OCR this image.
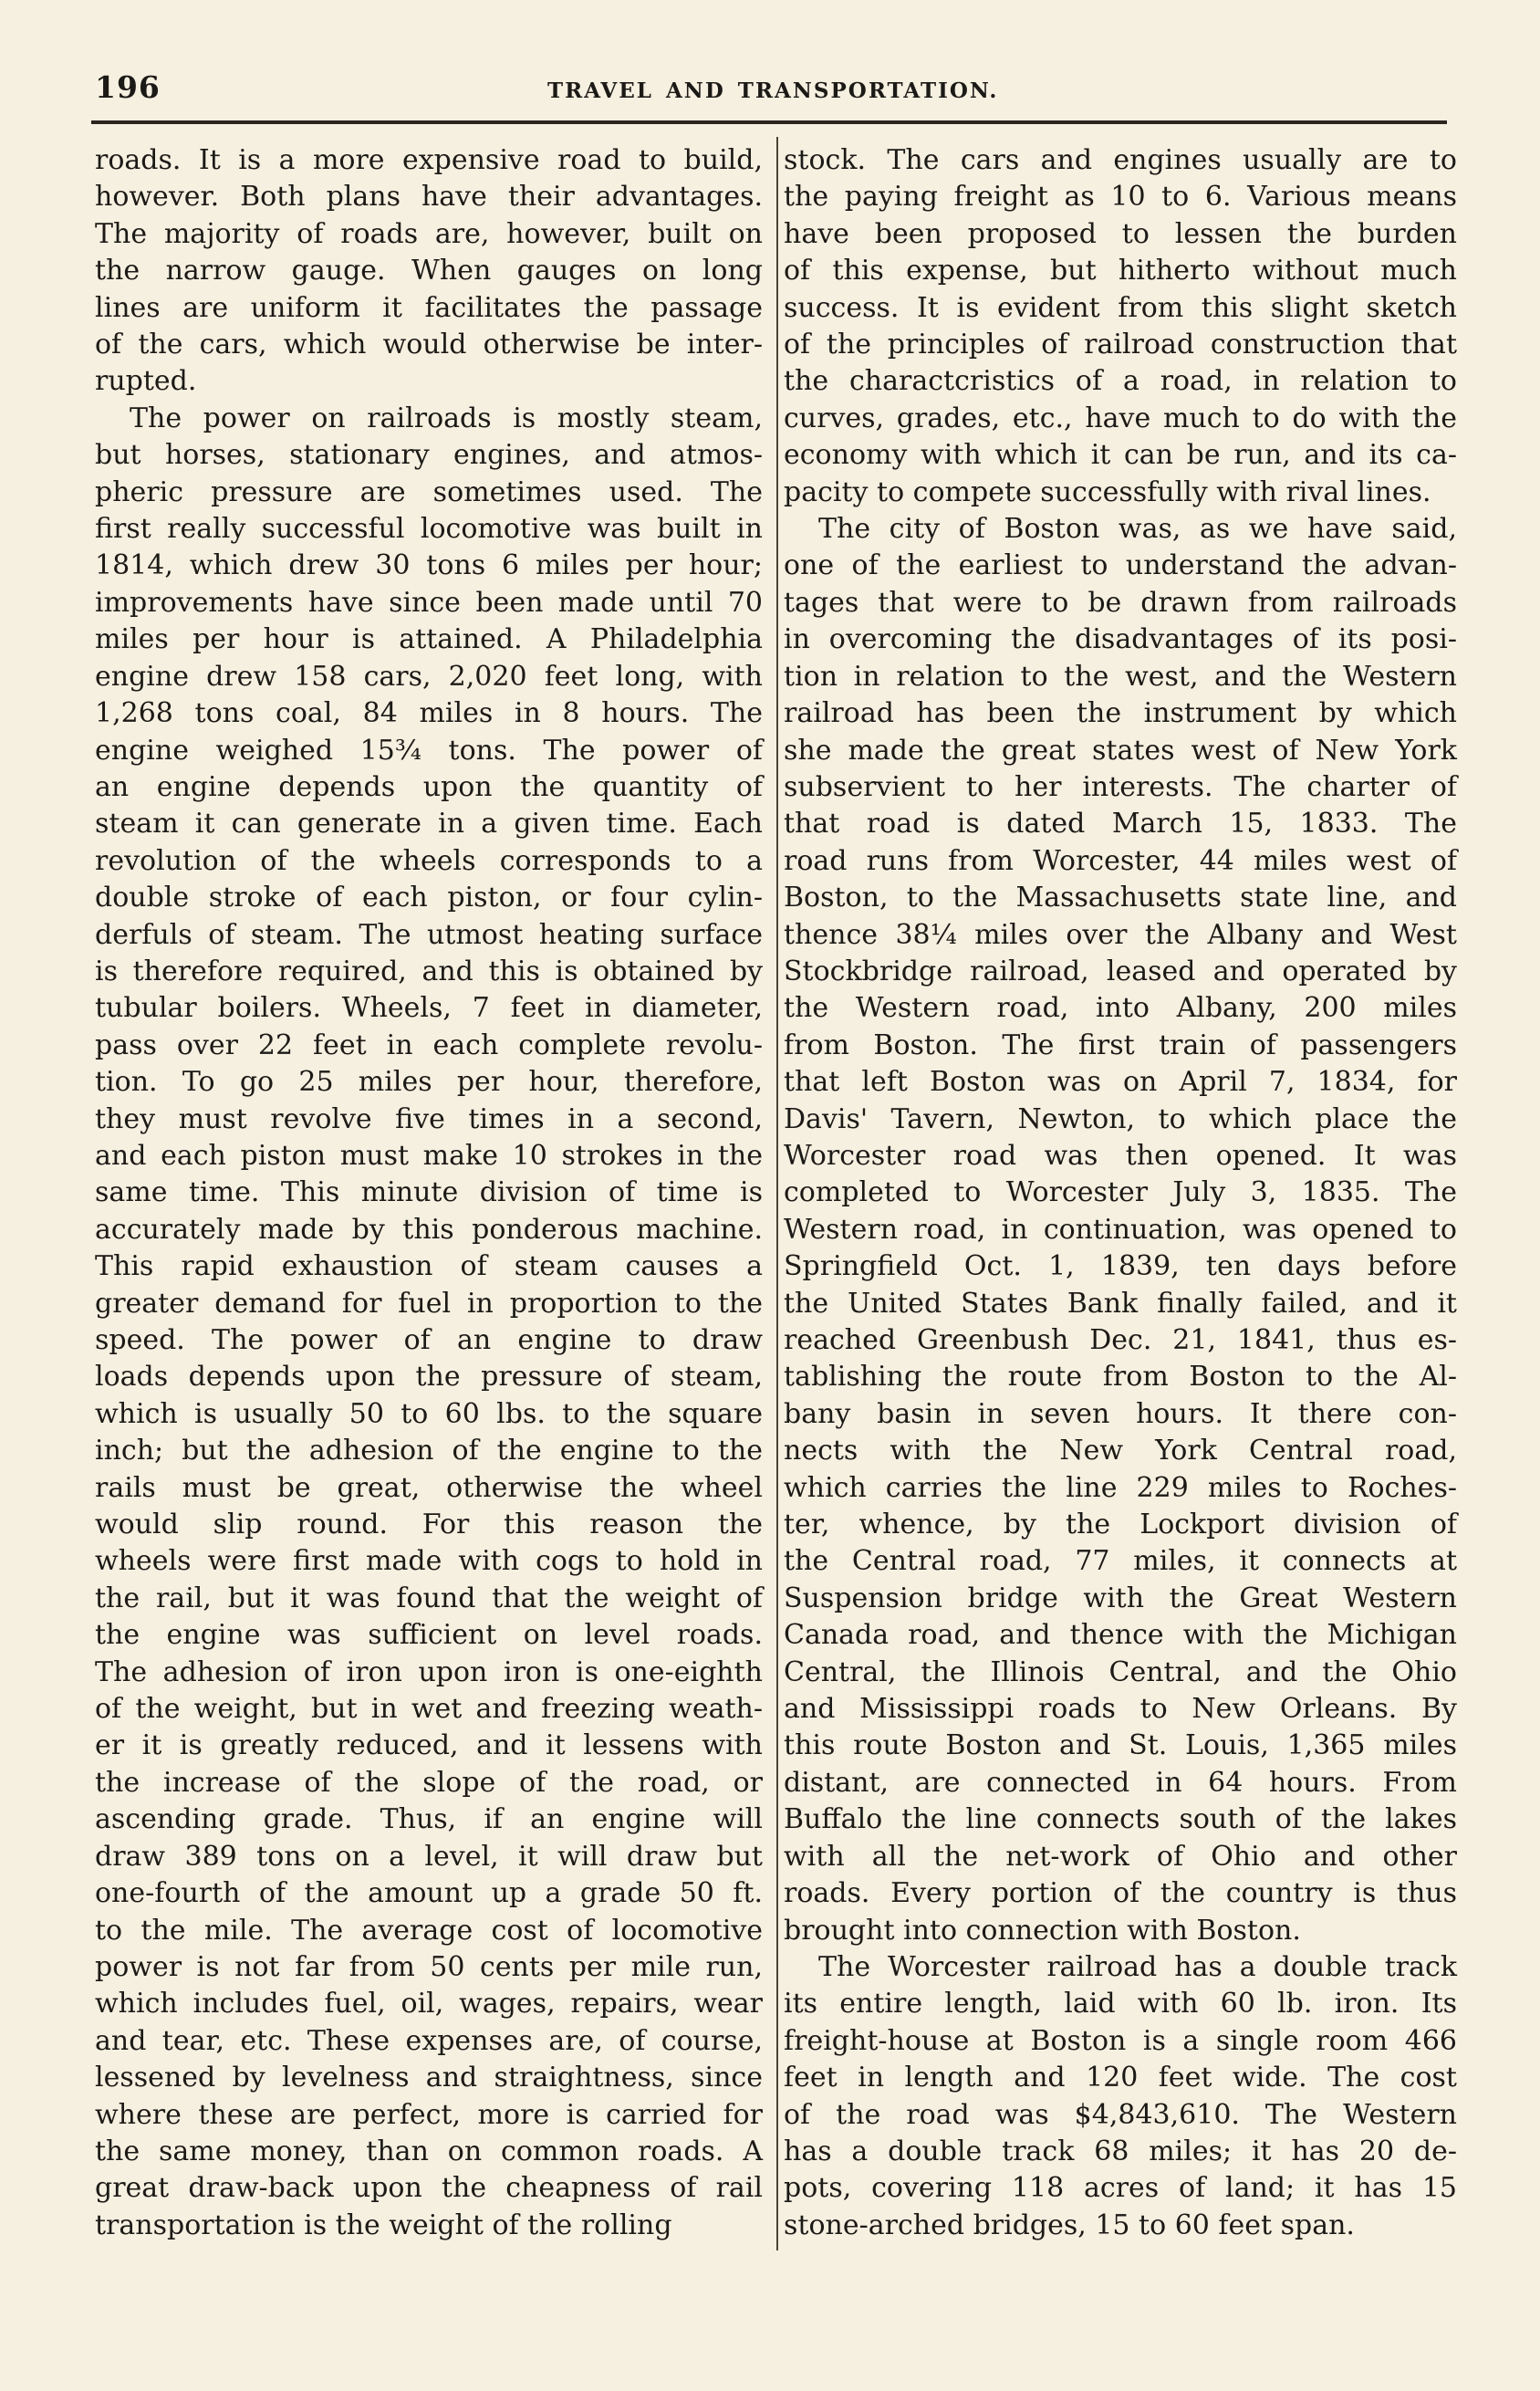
196	TRAVEL AND TRANSPORTATION.
roads. It is a more expensive road to build,
however. Both plans have their advantages.
The majority of roads are, however, built on
the narrow gauge. When gauges on long
lines are uniform it facilitates the passage
of the cars, which would otherwise be inter-
rupted.
The power on railroads is mostly steam,
but horses, stationary engines, and atmos-
pheric pressure are sometimes used. The
first really successful locomotive was built in
1814, which drew 30 tons 6 miles per hour;
improvements have since been made until 70
miles per hour is attained. A Philadelphia
engine drew 158 cars, 2,020 feet long, with
1,268 tons coal, 84 miles in 8 hours. The
engine weighed 15¾ tons. The power of
an engine depends upon the quantity of
steam it can generate in a given time. Each
revolution of the wheels corresponds to a
double stroke of each piston, or four cylin-
derfuls of steam. The utmost heating surface
is therefore required, and this is obtained by
tubular boilers. Wheels, 7 feet in diameter,
pass over 22 feet in each complete revolu-
tion. To go 25 miles per hour, therefore,
they must revolve five times in a second,
and each piston must make 10 strokes in the
same time. This minute division of time is
accurately made by this ponderous machine.
This rapid exhaustion of steam causes a
greater demand for fuel in proportion to the
speed. The power of an engine to draw
loads depends upon the pressure of steam,
which is usually 50 to 60 lbs. to the square
inch; but the adhesion of the engine to the
rails must be great, otherwise the wheel
would slip round. For this reason the
wheels were first made with cogs to hold in
the rail, but it was found that the weight of
the engine was sufficient on level roads.
The adhesion of iron upon iron is one-eighth
of the weight, but in wet and freezing weath-
er it is greatly reduced, and it lessens with
the increase of the slope of the road, or
ascending grade. Thus, if an engine will
draw 389 tons on a level, it will draw but
one-fourth of the amount up a grade 50 ft.
to the mile. The average cost of locomotive
power is not far from 50 cents per mile run,
which includes fuel, oil, wages, repairs, wear
and tear, etc. These expenses are, of course,
lessened by levelness and straightness, since
where these are perfect, more is carried for
the same money, than on common roads. A
great draw-back upon the cheapness of rail
transportation is the weight of the rolling
stock. The cars and engines usually are to
the paying freight as 10 to 6. Various means
have been proposed to lessen the burden
of this expense, but hitherto without much
success. It is evident from this slight sketch
of the principles of railroad construction that
the charactcristics of a road, in relation to
curves, grades, etc., have much to do with the
economy with which it can be run, and its ca-
pacity to compete successfully with rival lines.
The city of Boston was, as we have said,
one of the earliest to understand the advan-
tages that were to be drawn from railroads
in overcoming the disadvantages of its posi-
tion in relation to the west, and the Western
railroad has been the instrument by which
she made the great states west of New York
subservient to her interests. The charter of
that road is dated March 15, 1833. The
road runs from Worcester, 44 miles west of
Boston, to the Massachusetts state line, and
thence 38¼ miles over the Albany and West
Stockbridge railroad, leased and operated by
the Western road, into Albany, 200 miles
from Boston. The first train of passengers
that left Boston was on April 7, 1834, for
Davis' Tavern, Newton, to which place the
Worcester road was then opened. It was
completed to Worcester July 3, 1835. The
Western road, in continuation, was opened to
Springfield Oct. 1, 1839, ten days before
the United States Bank finally failed, and it
reached Greenbush Dec. 21, 1841, thus es-
tablishing the route from Boston to the Al-
bany basin in seven hours. It there con-
nects with the New York Central road,
which carries the line 229 miles to Roches-
ter, whence, by the Lockport division of
the Central road, 77 miles, it connects at
Suspension bridge with the Great Western
Canada road, and thence with the Michigan
Central, the Illinois Central, and the Ohio
and Mississippi roads to New Orleans. By
this route Boston and St. Louis, 1,365 miles
distant, are connected in 64 hours. From
Buffalo the line connects south of the lakes
with all the net-work of Ohio and other
roads. Every portion of the country is thus
brought into connection with Boston.
The Worcester railroad has a double track
its entire length, laid with 60 lb. iron. Its
freight-house at Boston is a single room 466
feet in length and 120 feet wide. The cost
of the road was $4,843,610. The Western
has a double track 68 miles; it has 20 de-
pots, covering 118 acres of land; it has 15
stone-arched bridges, 15 to 60 feet span.
